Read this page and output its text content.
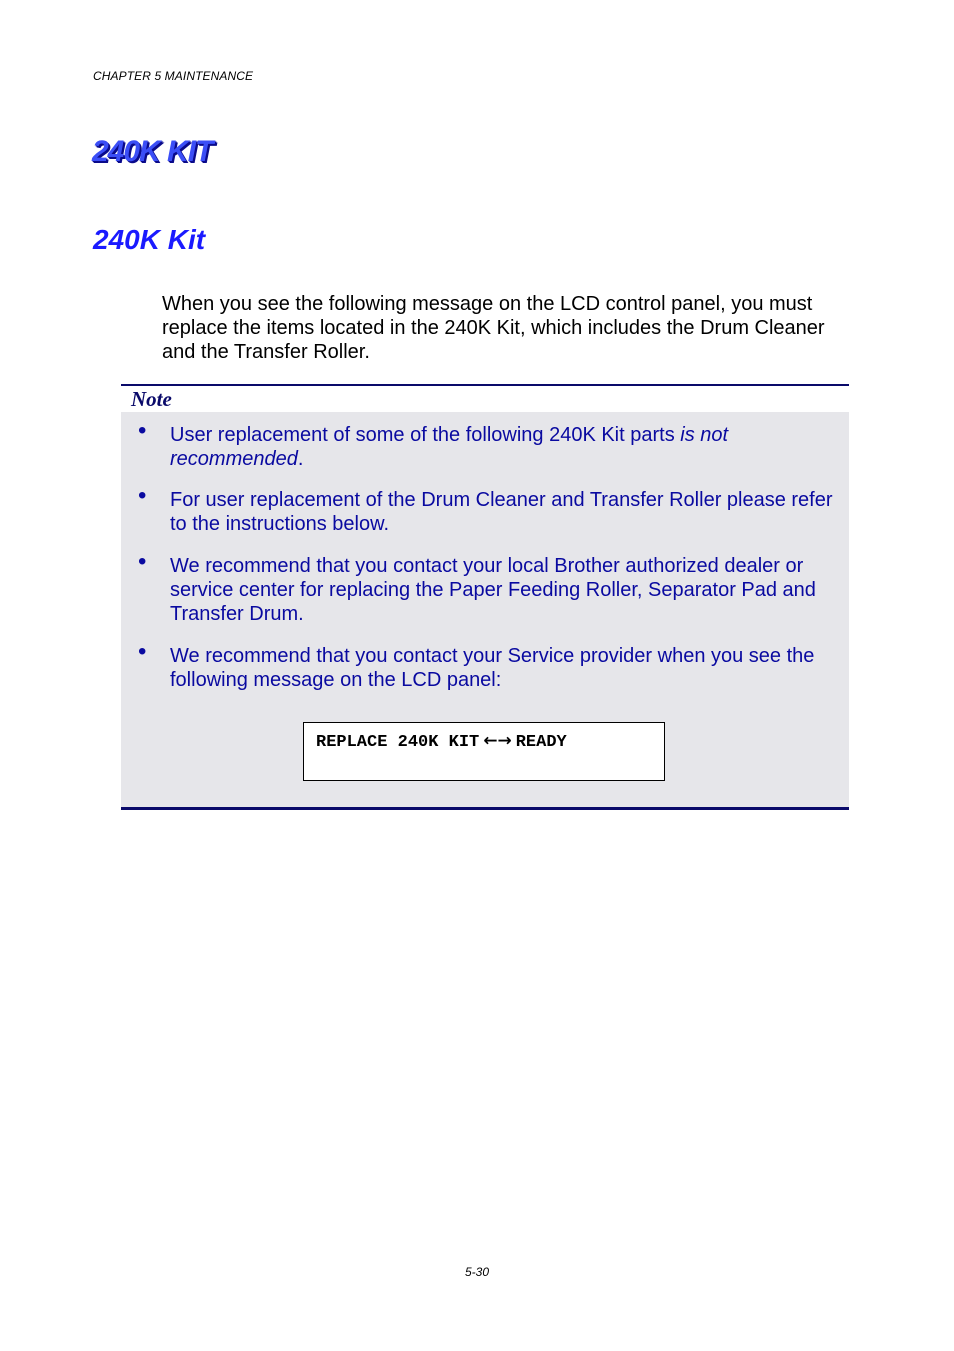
CHAPTER 5 MAINTENANCE
240K KIT
240K Kit

When you see the following message on the LCD control panel, you must replace the items located in the 240K Kit, which includes the Drum Cleaner and the Transfer Roller.

Note
• User replacement of some of the following 240K Kit parts is not recommended.
• For user replacement of the Drum Cleaner and Transfer Roller please refer to the instructions below.
• We recommend that you contact your local Brother authorized dealer or service center for replacing the Paper Feeding Roller, Separator Pad and Transfer Drum.
• We recommend that you contact your Service provider when you see the following message on the LCD panel:
REPLACE 240K KIT ←→ READY
5-30
